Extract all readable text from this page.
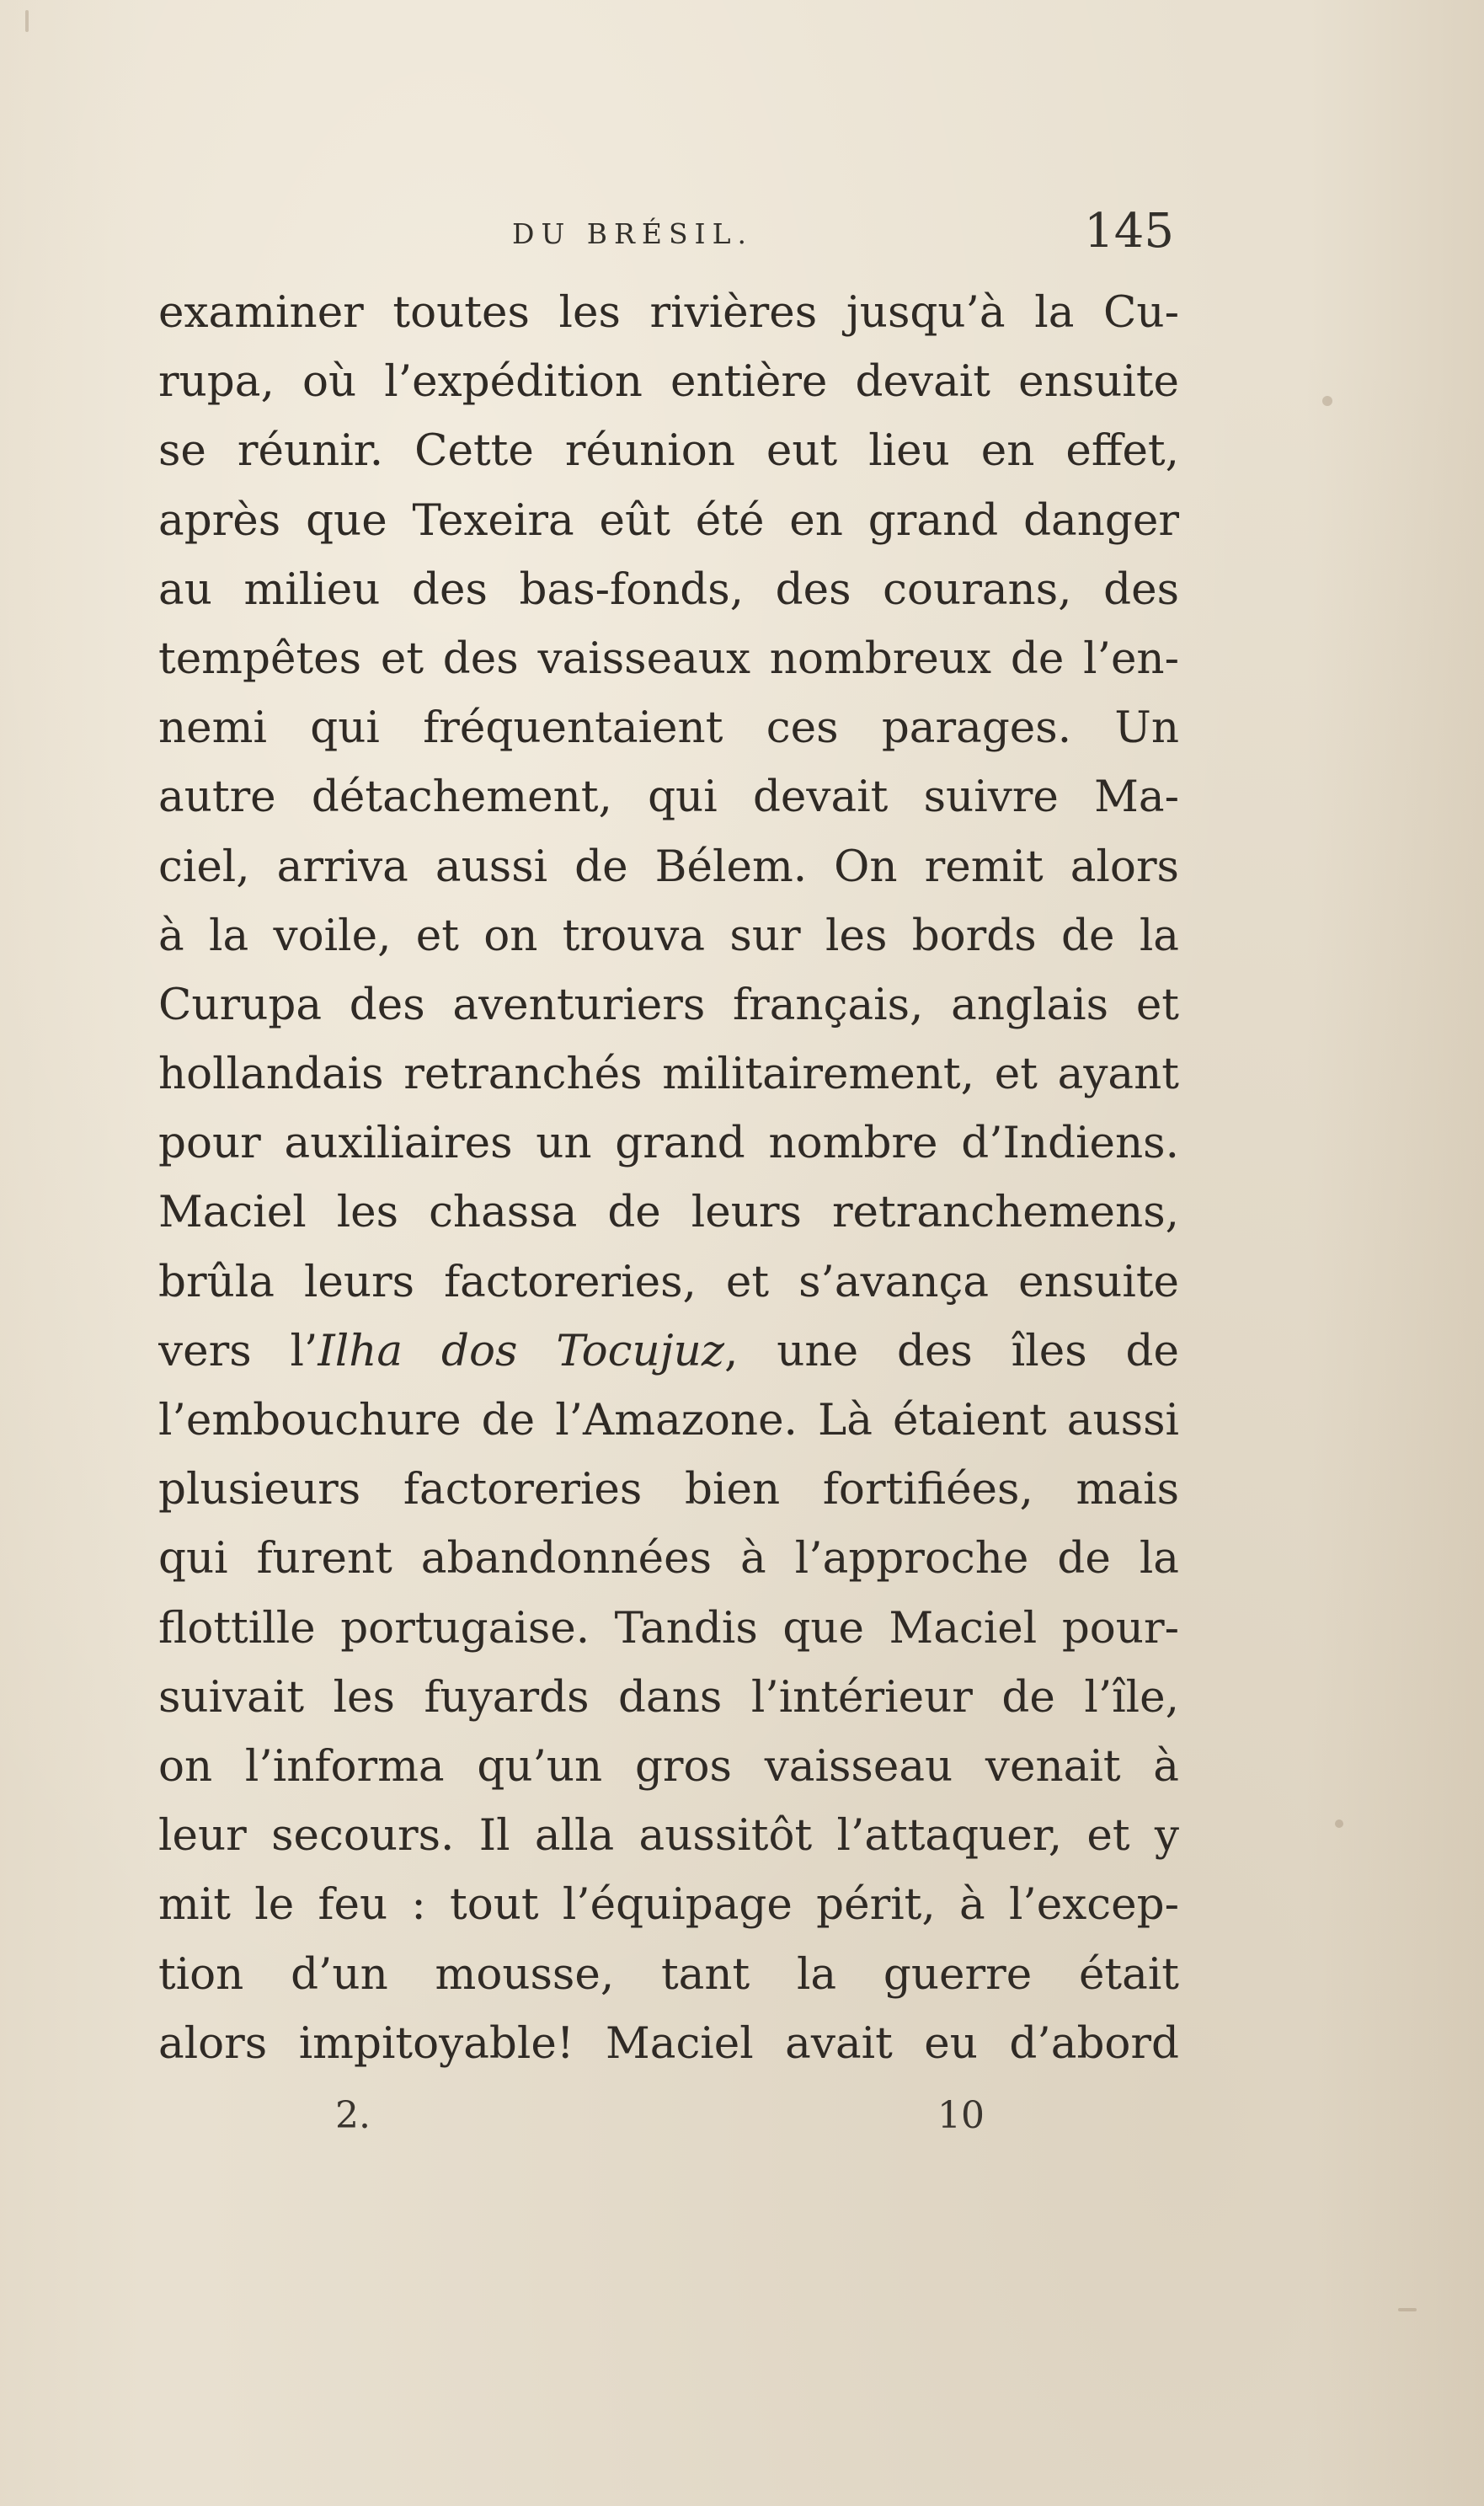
DU BRÉSIL.	145
examiner toutes les rivières jusqu’à la Cu-
rupa, où l’expédition entière devait ensuite
se réunir. Cette réunion eut lieu en effet,
après que Texeira eût été en grand danger
au milieu des bas-fonds, des courans, des
tempêtes et des vaisseaux nombreux de l’en-
nemi qui fréquentaient ces parages. Un
autre détachement, qui devait suivre Ma-
ciel, arriva aussi de Bélem. On remit alors
à la voile, et on trouva sur les bords de la
Curupa des aventuriers français, anglais et
hollandais retranchés militairement, et ayant
pour auxiliaires un grand nombre d’Indiens.
Maciel les chassa de leurs retranchemens,
brûla leurs factoreries, et s’avança ensuite
vers l’Ilha dos Tocujuz, une des îles de
l’embouchure de l’Amazone. Là étaient aussi
plusieurs factoreries bien fortifiées, mais
qui furent abandonnées à l’approche de la
flottille portugaise. Tandis que Maciel pour-
suivait les fuyards dans l’intérieur de l’île,
on l’informa qu’un gros vaisseau venait à
leur secours. Il alla aussitôt l’attaquer, et y
mit le feu : tout l’équipage périt, à l’excep-
tion d’un mousse, tant la guerre était
alors impitoyable! Maciel avait eu d’abord
2.	10
